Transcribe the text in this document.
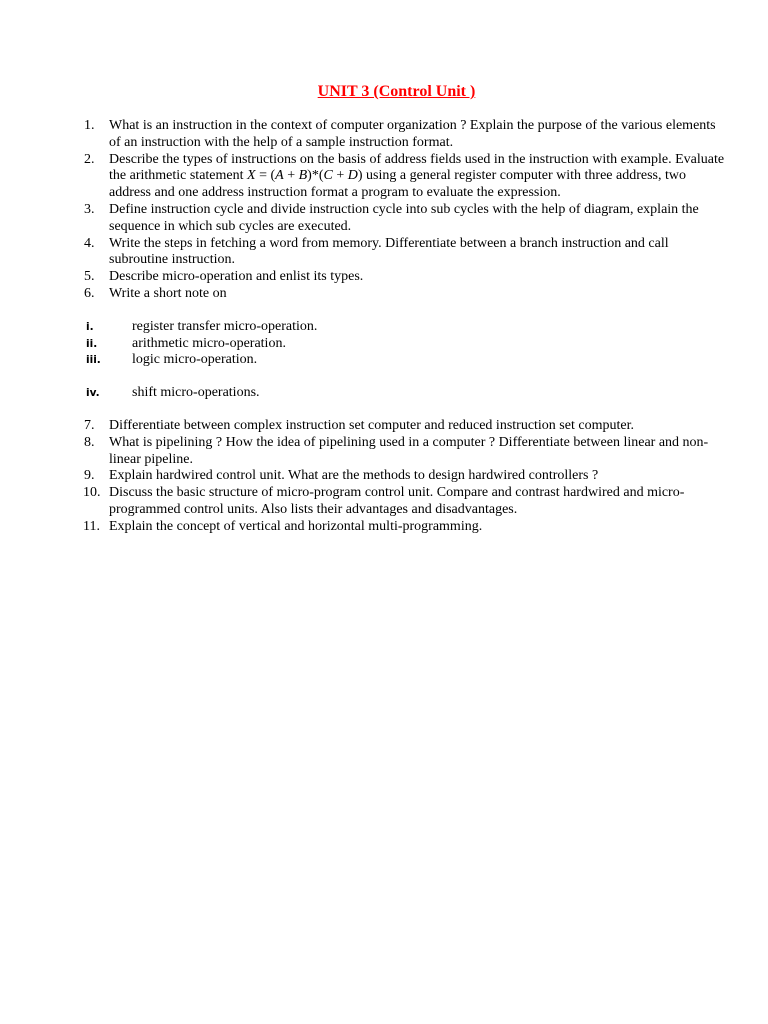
UNIT 3 (Control Unit )
1.	What is an instruction in the context of computer organization ? Explain the purpose of the various elements of an instruction with the help of a sample instruction format.
2.	Describe the types of instructions on the basis of address fields used in the instruction with example. Evaluate the arithmetic statement X = (A + B)*(C + D) using a general register computer with three address, two address and one address instruction format a program to evaluate the expression.
3.	Define instruction cycle and divide instruction cycle into sub cycles with the help of diagram, explain the sequence in which sub cycles are executed.
4.	Write the steps in fetching a word from memory. Differentiate between a branch instruction and call subroutine instruction.
5.	Describe micro-operation and enlist its types.
6.	Write a short note on
i.	register transfer micro-operation.
ii. arithmetic micro-operation.
iii. logic micro-operation.
iv. shift micro-operations.
7.	Differentiate between complex instruction set computer and reduced instruction set computer.
8.	What is pipelining ? How the idea of pipelining used in a computer ? Differentiate between linear and non-linear pipeline.
9.	Explain hardwired control unit. What are the methods to design hardwired controllers ?
10. Discuss the basic structure of micro-program control unit. Compare and contrast hardwired and micro- programmed control units. Also lists their advantages and disadvantages.
11. Explain the concept of vertical and horizontal multi-programming.
